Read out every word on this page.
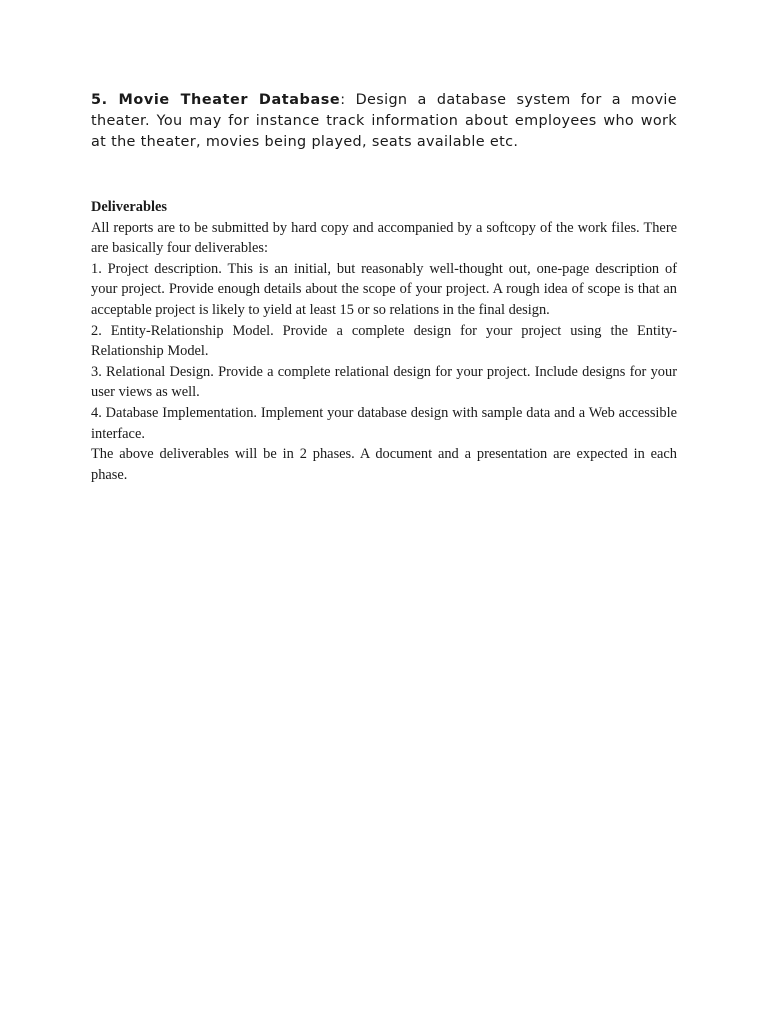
5. Movie Theater Database: Design a database system for a movie theater. You may for instance track information about employees who work at the theater, movies being played, seats available etc.

Deliverables

All reports are to be submitted by hard copy and accompanied by a softcopy of the work files. There are basically four deliverables:

1. Project description. This is an initial, but reasonably well-thought out, one-page description of your project. Provide enough details about the scope of your project. A rough idea of scope is that an acceptable project is likely to yield at least 15 or so relations in the final design.

2. Entity-Relationship Model. Provide a complete design for your project using the Entity-Relationship Model.

3. Relational Design. Provide a complete relational design for your project. Include designs for your user views as well.

4. Database Implementation. Implement your database design with sample data and a Web accessible interface.

The above deliverables will be in 2 phases. A document and a presentation are expected in each phase.
